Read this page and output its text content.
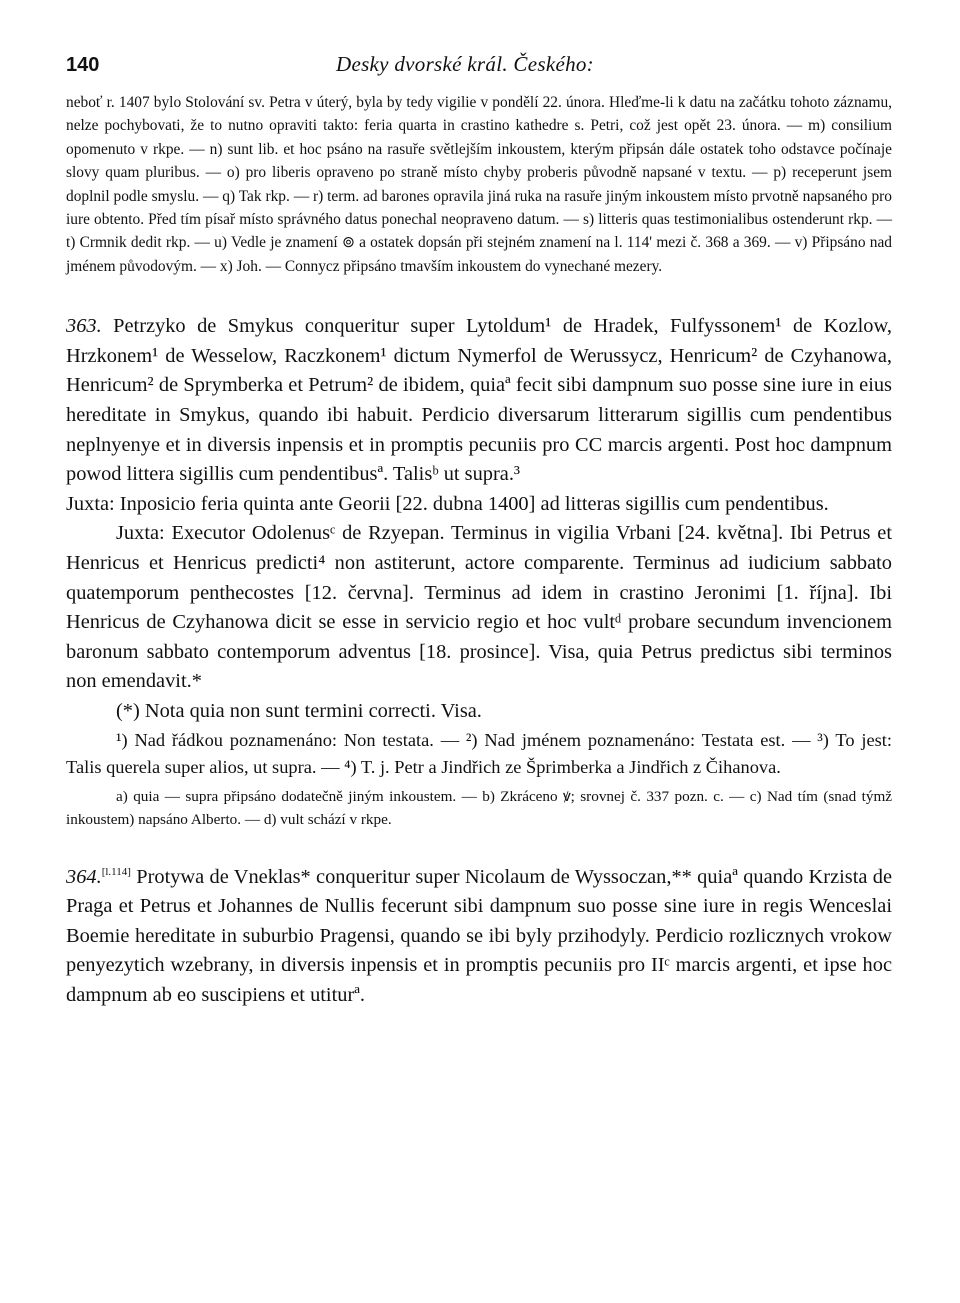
140	Desky dvorské král. Českého:

neboť r. 1407 bylo Stolování sv. Petra v úterý, byla by tedy vigilie v pondělí 22. února. Hleďme-li k datu na začátku tohoto záznamu, nelze pochybovati, že to nutno opraviti takto: feria quarta in crastino kathedre s. Petri, což jest opět 23. února. — m) consilium opomenuto v rkpe. — n) sunt lib. et hoc psáno na rasuře světlejším inkoustem, kterým připsán dále ostatek toho odstavce počínaje slovy quam pluribus. — o) pro liberis opraveno po straně místo chyby proberis původně napsané v textu. — p) receperunt jsem doplnil podle smyslu. — q) Tak rkp. — r) term. ad barones opravila jiná ruka na rasuře jiným inkoustem místo prvotně napsaného pro iure obtento. Před tím písař místo správného datus ponechal neopraveno datum. — s) litteris quas testimonialibus ostenderunt rkp. — t) Crmnik dedit rkp. — u) Vedle je znamení ⊚ a ostatek dopsán při stejném znamení na l. 114' mezi č. 368 a 369. — v) Připsáno nad jménem původovým. — x) Joh. — Connycz připsáno tmavším inkoustem do vynechané mezery.

363. Petrzyko de Smykus conqueritur super Lytoldum¹ de Hradek, Fulfyssonem¹ de Kozlow, Hrzkonem¹ de Wesselow, Raczkonem¹ dictum Nymerfol de Werussycz, Henricum² de Czyhanowa, Henricum² de Sprymberka et Petrum² de ibidem, quiaª fecit sibi dampnum suo posse sine iure in eius hereditate in Smykus, quando ibi habuit. Perdicio diversarum litterarum sigillis cum pendentibus neplnyenye et in diversis inpensis et in promptis pecuniis pro CC marcis argenti. Post hoc dampnum powod littera sigillis cum pendentibusª. Talisᵇ ut supra.³

Juxta: Inposicio feria quinta ante Georii [22. dubna 1400] ad litteras sigillis cum pendentibus.

Juxta: Executor Odolenusᶜ de Rzyepan. Terminus in vigilia Vrbani [24. května]. Ibi Petrus et Henricus et Henricus predicti⁴ non astiterunt, actore comparente. Terminus ad iudicium sabbato quatemporum penthecostes [12. června]. Terminus ad idem in crastino Jeronimi [1. října]. Ibi Henricus de Czyhanowa dicit se esse in servicio regio et hoc vultᵈ probare secundum invencionem baronum sabbato contemporum adventus [18. prosince]. Visa, quia Petrus predictus sibi terminos non emendavit.*

(*) Nota quia non sunt termini correcti. Visa.

¹) Nad řádkou poznamenáno: Non testata. — ²) Nad jménem poznamenáno: Testata est. — ³) To jest: Talis querela super alios, ut supra. — ⁴) T. j. Petr a Jindřich ze Šprimberka a Jindřich z Čihanova.

a) quia — supra připsáno dodatečně jiným inkoustem. — b) Zkráceno ꝟ; srovnej č. 337 pozn. c. — c) Nad tím (snad týmž inkoustem) napsáno Alberto. — d) vult schází v rkpe.

364.[l.114] Protywa de Vneklas* conqueritur super Nicolaum de Wyssoczan,** quiaª quando Krzista de Praga et Petrus et Johannes de Nullis fecerunt sibi dampnum suo posse sine iure in regis Wenceslai Boemie hereditate in suburbio Pragensi, quando se ibi byly przihodyly. Perdicio rozlicznych vrokow penyezytich wzebrany, in diversis inpensis et in promptis pecuniis pro IIᶜ marcis argenti, et ipse hoc dampnum ab eo suscipiens et utiturª.
